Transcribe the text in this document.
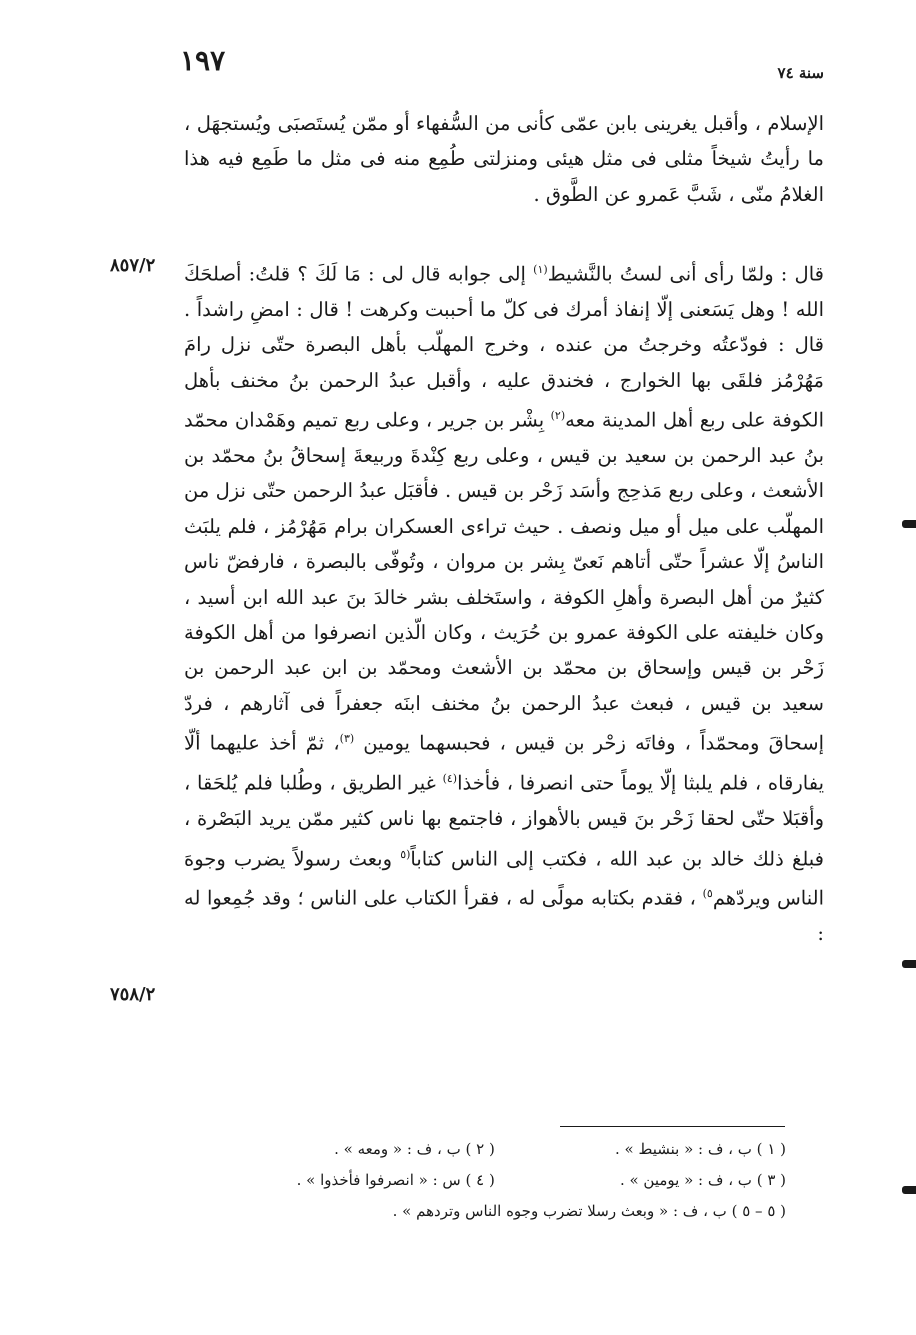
١٩٧	سنة ٧٤
الإسلام ، وأقبل يغرينى بابن عمّى كأنى من السُّفهاء أو ممّن يُستَصبَى ويُستجهَل ، ما رأيتُ شيخاً مثلى فى مثل هيئى ومنزلتى طُمِع منه فى مثل ما طَمِع فيه هذا الغلامُ منّى ، شَبَّ عَمرو عن الطَّوق .
قال : ولمّا رأى أنى لستُ بالنَّشيط$^{(١)}$ إلى جوابه قال لى : مَا لَكَ ؟ قلتُ: أصلحَكَ الله ! وهل يَسَعنى إلّا إنفاذ أمرك فى كلّ ما أحببت وكرهت ! قال : امضِ راشداً . قال : فودّعتُه وخرجتُ من عنده ، وخرج المهلّب بأهل البصرة حتّى نزل رامَ مَهُرْمُز فلقَى بها الخوارج ، فخندق عليه ، وأقبل عبدُ الرحمن بنُ مخنف بأهل الكوفة على ربع أهل المدينة معه$^{(٢)}$ بِشْر بن جرير ، وعلى ربع تميم وهَمْدان محمّد بنُ عبد الرحمن بن سعيد بن قيس ، وعلى ربع كِنْدةَ وربيعةَ إسحاقُ بنُ محمّد بن الأشعث ، وعلى ربع مَذحِج وأسَد زَحْر بن قيس . فأقبَل عبدُ الرحمن حتّى نزل من المهلّب على ميل أو ميل ونصف . حيث تراءى العسكران برام مَهُرْمُز ، فلم يلبَث الناسُ إلّا عشراً حتّى أتاهم نَعىّ بِشر بن مروان ، وتُوفّى بالبصرة ، فارفضّ ناس كثيرٌ من أهل البصرة وأهلِ الكوفة ، واستَخلف بشر خالدَ بنَ عبد الله ابن أسيد ، وكان خليفته على الكوفة عمرو بن حُرَيث ، وكان الّذين انصرفوا من أهل الكوفة زَحْر بن قيس وإسحاق بن محمّد بن الأشعث ومحمّد بن ابن عبد الرحمن بن سعيد بن قيس ، فبعث عبدُ الرحمن بنُ مخنف ابنَه جعفراً فى آثارهم ، فردّ إسحاقَ ومحمّداً ، وفاتَه زحْر بن قيس ، فحبسهما يومين $^{(٣)}$، ثمّ أخذ عليهما ألّا يفارقاه ، فلم يلبثا إلّا يوماً حتى انصرفا ، فأخذا$^{(٤)}$ غير الطريق ، وطُلبا فلم يُلحَقا ، وأقبَلا حتّى لحقا زَحْر بنَ قيس بالأهواز ، فاجتمع بها ناس كثير ممّن يريد البَصْرة ، فبلغ ذلك خالد بن عبد الله ، فكتب إلى الناس كتاباً$^{(٥}$ وبعث رسولاً يضرب وجوهَ الناس ويردّهم$^{٥)}$ ، فقدم بكتابه مولًى له ، فقرأ الكتاب على الناس ؛ وقد جُمِعوا له :
٨٥٧/٢
٧٥٨/٢
( ١ ) ب ، ف : « بنشيط » .
( ٢ ) ب ، ف : « ومعه » .
( ٣ ) ب ، ف : « يومين » .
( ٤ ) س : « انصرفوا فأخذوا » .
( ٥ – ٥ ) ب ، ف : « وبعث رسلا تضرب وجوه الناس وتردهم » .
